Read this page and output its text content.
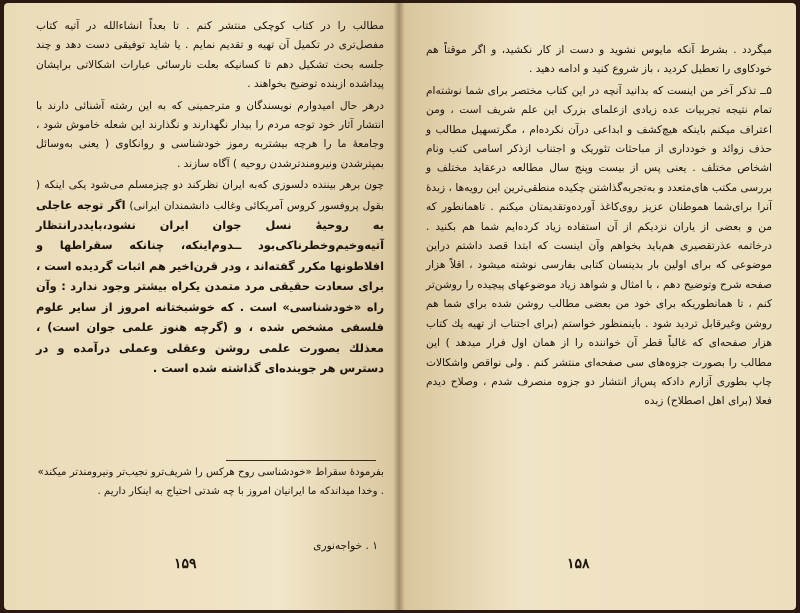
مطالب را در کتاب کوچکی منتشر کنم . تا بعداً انشاءالله در آتیه کتاب مفصل‌تری در تکمیل آن تهیه و تقدیم نمایم . یا شاید توفیقی دست دهد و چند جلسه بحث تشکیل دهم تا کسانیکه بعلت نارسائی عبارات اشکالاتی برایشان پیداشده ازبنده توضیح بخواهند .

درهر حال امیدوارم نویسندگان و مترجمینی که به این رشته آشنائی دارند با انتشار آثار خود توجه مردم را بیدار نگهدارند و نگذارند این شعله خاموش شود ، وجامعهٔ ما را هرچه بیشتربه رموز خودشناسی و روانکاوی ( یعنی به‌وسائل بمپترشدن ونیرومندترشدن روحیه ) آگاه سازند .

چون برهر بیننده دلسوزی که‌به ایران نظرکند دو چیزمسلم می‌شود یکی اینکه ( بقول پروفسور کروس آمریکائی وغالب دانشمندان ایرانی) اگر توجه عاجلی به روحیهٔ نسل جوان ایران نشود،بایددرانتظار آتیه‌وخیم‌وخطرناکی‌بود ــدوم‌اینکه، چنانکه سقراطها و افلاطونها مکرر گفته‌اند ، ودر قرن‌اخیر هم اثبات گردیده است ، برای سعادت حقیقی مرد متمدن یکراه بیشتر وجود ندارد : وآن راه «خودشناسی» است . که خوشبختانه امروز از سایر علوم فلسفی مشخص شده ، و (گرچه هنوز علمی جوان است) ، معذلك بصورت علمی روشن وعقلی وعملی درآمده و در دسترس هر جوینده‌ای گذاشته شده است .

بفرمودهٔ سقراط «خودشناسی روح هرکس را شریف‌ترو نجیب‌تر ونیرومندتر میکند» . وخدا میداندکه ما ایرانیان امروز با چه شدتی احتیاج به اینکار داریم .

۱ . خواجه‌نوری
۱۵۹

میگردد . بشرط آنکه مایوس نشوید و دست از کار نکشید، و اگر موقتاً هم خودکاوی را تعطیل کردید ، باز شروع کنید و ادامه دهید .

۵ــ تذکر آخر من اینست که بدانید آنچه در این کتاب مختصر برای شما نوشته‌ام تمام نتیجه تجربیات عده زیادی ازعلمای بزرک این علم شریف است ، ومن اعتراف میکنم باینکه هیچ‌کشف و ابداعی درآن نکرده‌ام ، مگرتسهیل مطالب و حذف زوائد و خودداری از مباحثات تئوریک و اجتناب ازذکر اسامی کتب ونام اشخاص مختلف . یعنی پس از بیست وپنج سال مطالعه درعقاید مختلف و بررسی مکتب های‌متعدد و به‌تجربه‌گذاشتن چکیده منطقی‌ترین این رویه‌ها ، زبدهٔ آنرا برای‌شما هموطنان عزیز روی‌کاغذ آورده‌وتقدیمتان میکنم . تاهمانطور که من و بعضی از یاران نزدیکم از آن استفاده زیاد کرده‌ایم شما هم بکنید . درخاتمه عذرتقصیری هم‌باید بخواهم وآن اینست که ابتدا قصد داشتم دراین موضوعی که برای اولین بار بدینسان کتابی بفارسی نوشته میشود ، اقلاً هزار صفحه شرح وتوضیح دهم ، با امثال و شواهد زیاد موضوعهای پیچیده را روشن‌تر کنم ، تا همانطوریکه برای خود من بعضی مطالب روشن شده برای شما هم روشن وغیرقابل تردید شود . باینمنظور خواستم (برای اجتناب از تهیه یك کتاب هزار صفحه‌ای که غالباً قطر آن خواننده را از همان اول فرار میدهد ) این مطالب را بصورت جزوه‌های سی صفحه‌ای منتشر کنم . ولی نواقص واشکالات چاپ بطوری آزارم دادکه پس‌از انتشار دو جزوه منصرف شدم ، وصلاح دیدم فعلا (برای اهل اصطلاح) زبده

۱۵۸
